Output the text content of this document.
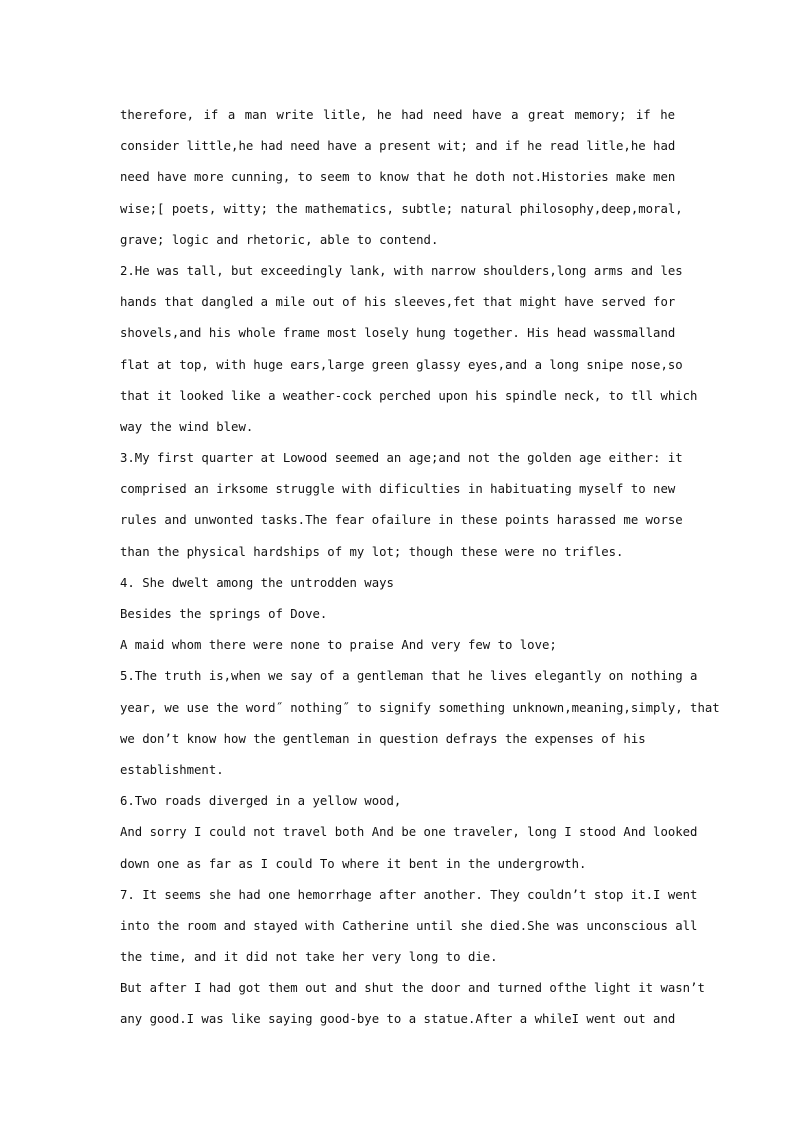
therefore, if a man write litle, he had need have a great memory; if he
consider little,he had need have a present wit; and if he read litle,he had
need have more cunning, to seem to know that he doth not.Histories make men
wise;[ poets, witty; the mathematics, subtle; natural philosophy,deep,moral,
grave; logic and rhetoric, able to contend.
2.He was tall, but exceedingly lank, with narrow shoulders,long arms and les
hands that dangled a mile out of his sleeves,fet that might have served for
shovels,and his whole frame most losely hung together. His head wassmalland
flat at top, with huge ears,large green glassy eyes,and a long snipe nose,so
that it looked like a weather-cock perched upon his spindle neck, to tll which
way the wind blew.
3.My first quarter at Lowood seemed an age;and not the golden age either: it
comprised an irksome struggle with dificulties in habituating myself to new
rules and unwonted tasks.The fear ofailure in these points harassed me worse
than the physical hardships of my lot; though these were no trifles.
4. She dwelt among the untrodden ways
Besides the springs of Dove.
A maid whom there were none to praise And very few to love;
5.The truth is,when we say of a gentleman that he lives elegantly on nothing a
year, we use the word˝ nothing˝ to signify something unknown,meaning,simply, that
we don’t know how the gentleman in question defrays the expenses of his
establishment.
6.Two roads diverged in a yellow wood,
And sorry I could not travel both And be one traveler, long I stood And looked
down one as far as I could To where it bent in the undergrowth.
7. It seems she had one hemorrhage after another. They couldn’t stop it.I went
into the room and stayed with Catherine until she died.She was unconscious all
the time, and it did not take her very long to die.
But after I had got them out and shut the door and turned ofthe light it wasn’t
any good.I was like saying good-bye to a statue.After a whileI went out and
